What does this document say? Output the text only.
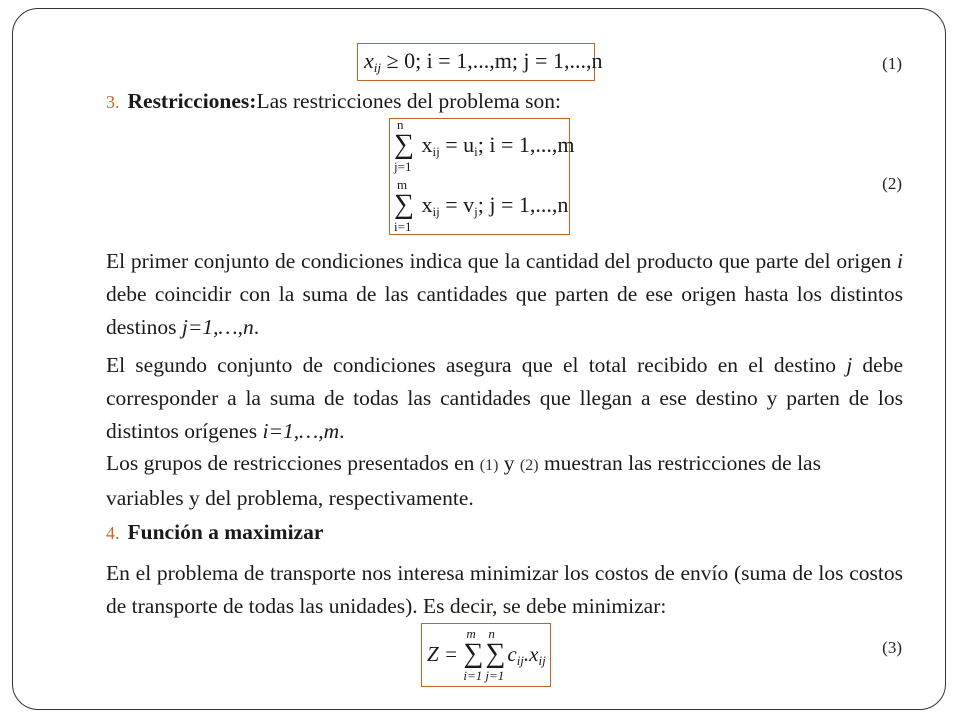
$x_{ij} \ge 0$; i = 1,...,m; j = 1,...,n	(1)
3. Restricciones:Las restricciones del problema son:
n
∑
j=1
$x_{ij} = u_i$; i = 1,...,m
m
∑
i=1
$x_{ij} = v_j$; j = 1,...,n
(2)
El primer conjunto de condiciones indica que la cantidad del producto que parte del origen i debe coincidir con la suma de las cantidades que parten de ese origen hasta los distintos destinos j=1,…,n.
El segundo conjunto de condiciones asegura que el total recibido en el destino j debe corresponder a la suma de todas las cantidades que llegan a ese destino y parten de los distintos orígenes i=1,…,m.
Los grupos de restricciones presentados en (1) y (2) muestran las restricciones de las variables y del problema, respectivamente.
4. Función a maximizar
En el problema de transporte nos interesa minimizar los costos de envío (suma de los costos de transporte de todas las unidades). Es decir, se debe minimizar:
Z =
m
∑
i=1
n
∑
j=1
$c_{ij}.x_{ij}$
(3)
